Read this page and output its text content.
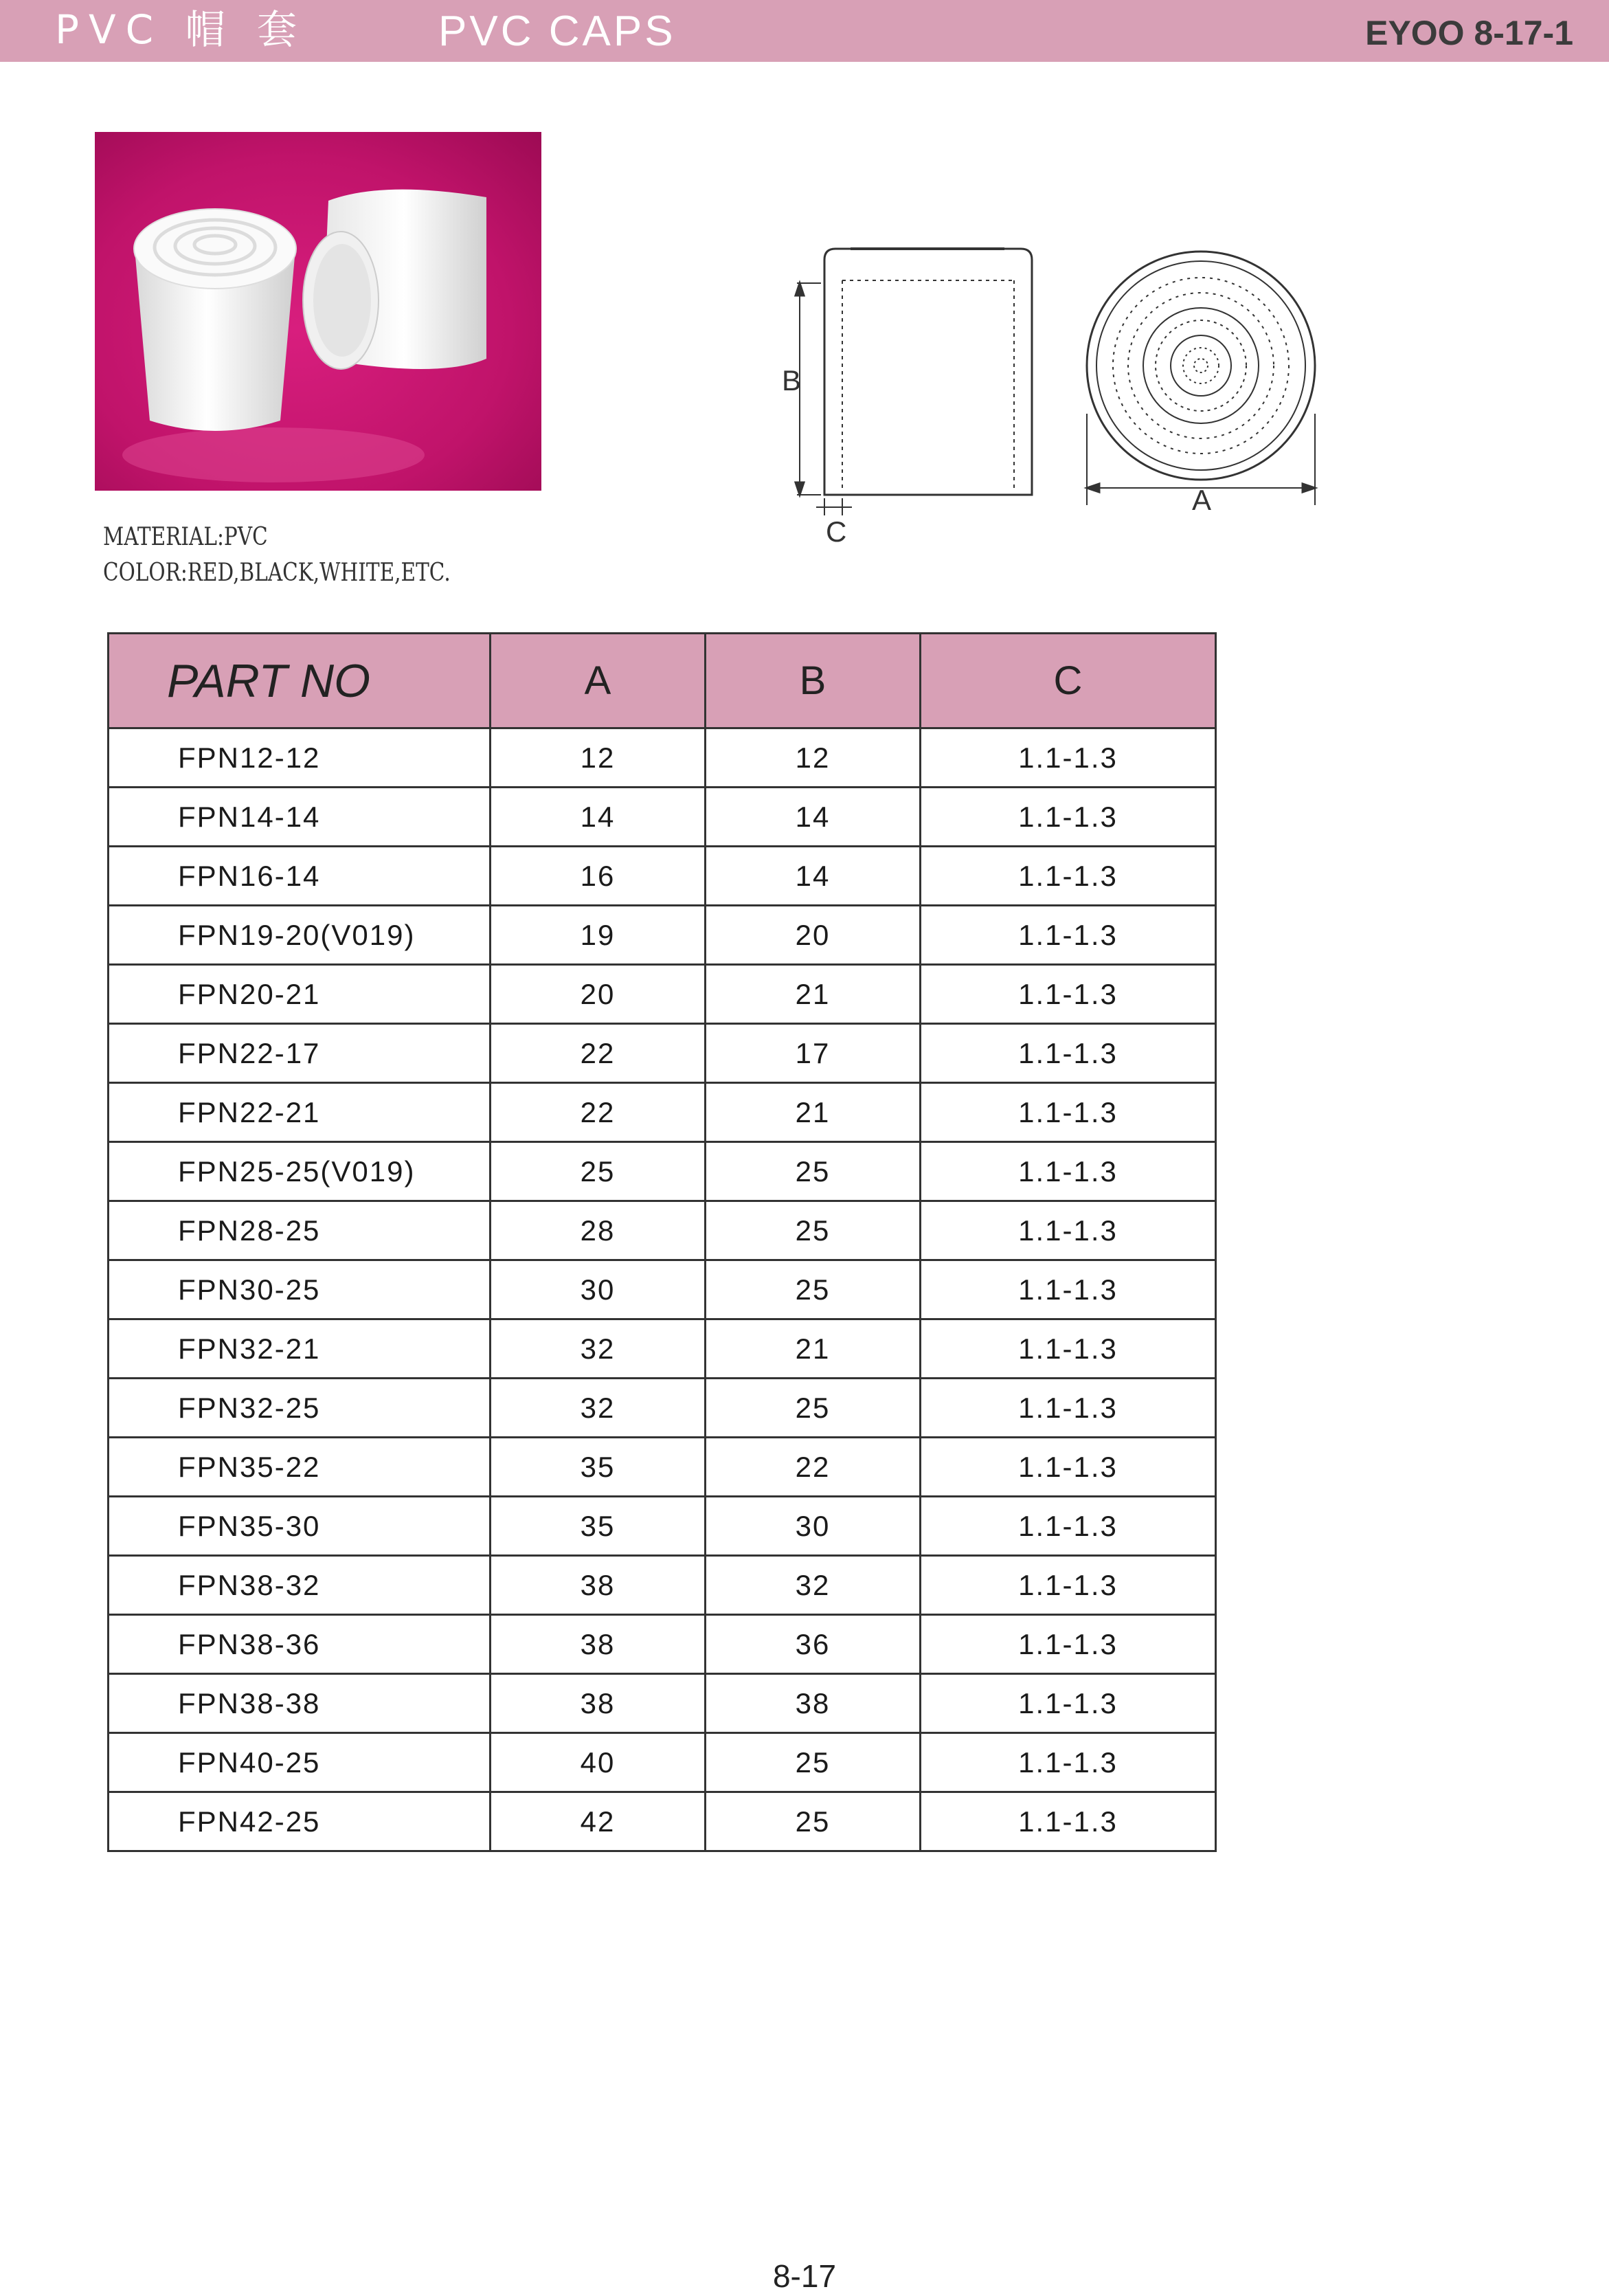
PVC 帽 套	PVC CAPS	EYOO 8-17-1
MATERIAL:PVC
COLOR:RED,BLACK,WHITE,ETC.
B
C
A
PART NO	A	B	C
FPN12-12	12	12	1.1-1.3
FPN14-14	14	14	1.1-1.3
FPN16-14	16	14	1.1-1.3
FPN19-20(V019)	19	20	1.1-1.3
FPN20-21	20	21	1.1-1.3
FPN22-17	22	17	1.1-1.3
FPN22-21	22	21	1.1-1.3
FPN25-25(V019)	25	25	1.1-1.3
FPN28-25	28	25	1.1-1.3
FPN30-25	30	25	1.1-1.3
FPN32-21	32	21	1.1-1.3
FPN32-25	32	25	1.1-1.3
FPN35-22	35	22	1.1-1.3
FPN35-30	35	30	1.1-1.3
FPN38-32	38	32	1.1-1.3
FPN38-36	38	36	1.1-1.3
FPN38-38	38	38	1.1-1.3
FPN40-25	40	25	1.1-1.3
FPN42-25	42	25	1.1-1.3
8-17
